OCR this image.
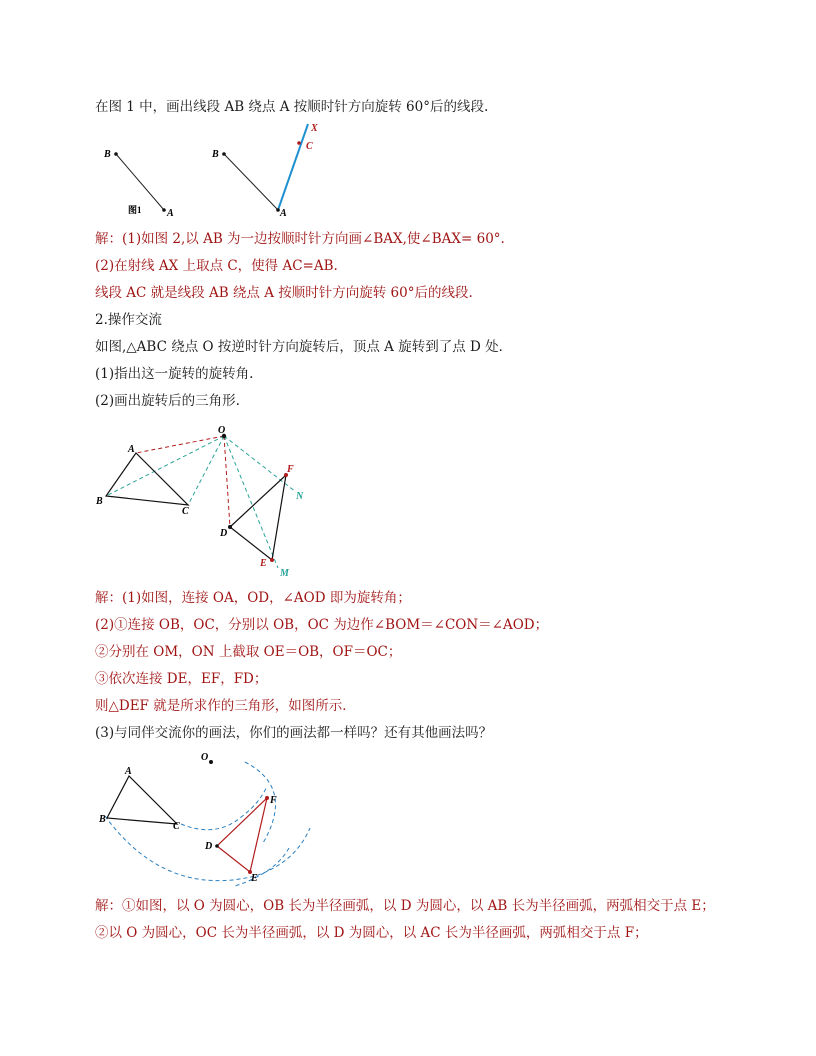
在图 1 中，画出线段 AB 绕点 A 按顺时针方向旋转 60°后的线段.
B
A
图1
B
A
X
C
解：(1)如图 2,以 AB 为一边按顺时针方向画∠BAX,使∠BAX= 60°.
(2)在射线 AX 上取点 C，使得 AC=AB.
线段 AC 就是线段 AB 绕点 A 按顺时针方向旋转 60°后的线段.
2.操作交流
如图,△ABC 绕点 O 按逆时针方向旋转后，顶点 A 旋转到了点 D 处．
(1)指出这一旋转的旋转角.
(2)画出旋转后的三角形.
O
A
B
C
D
E
F
M
N
解：(1)如图，连接 OA，OD，∠AOD 即为旋转角；
(2)①连接 OB，OC，分别以 OB，OC 为边作∠BOM＝∠CON＝∠AOD；
②分别在 OM，ON 上截取 OE＝OB，OF＝OC；
③依次连接 DE，EF，FD；
则△DEF 就是所求作的三角形，如图所示．
(3)与同伴交流你的画法，你们的画法都一样吗？还有其他画法吗？
O
A
B
C
D
E
F
解：①如图，以 O 为圆心，OB 长为半径画弧，以 D 为圆心，以 AB 长为半径画弧，两弧相交于点 E；
②以 O 为圆心，OC 长为半径画弧，以 D 为圆心，以 AC 长为半径画弧，两弧相交于点 F；
